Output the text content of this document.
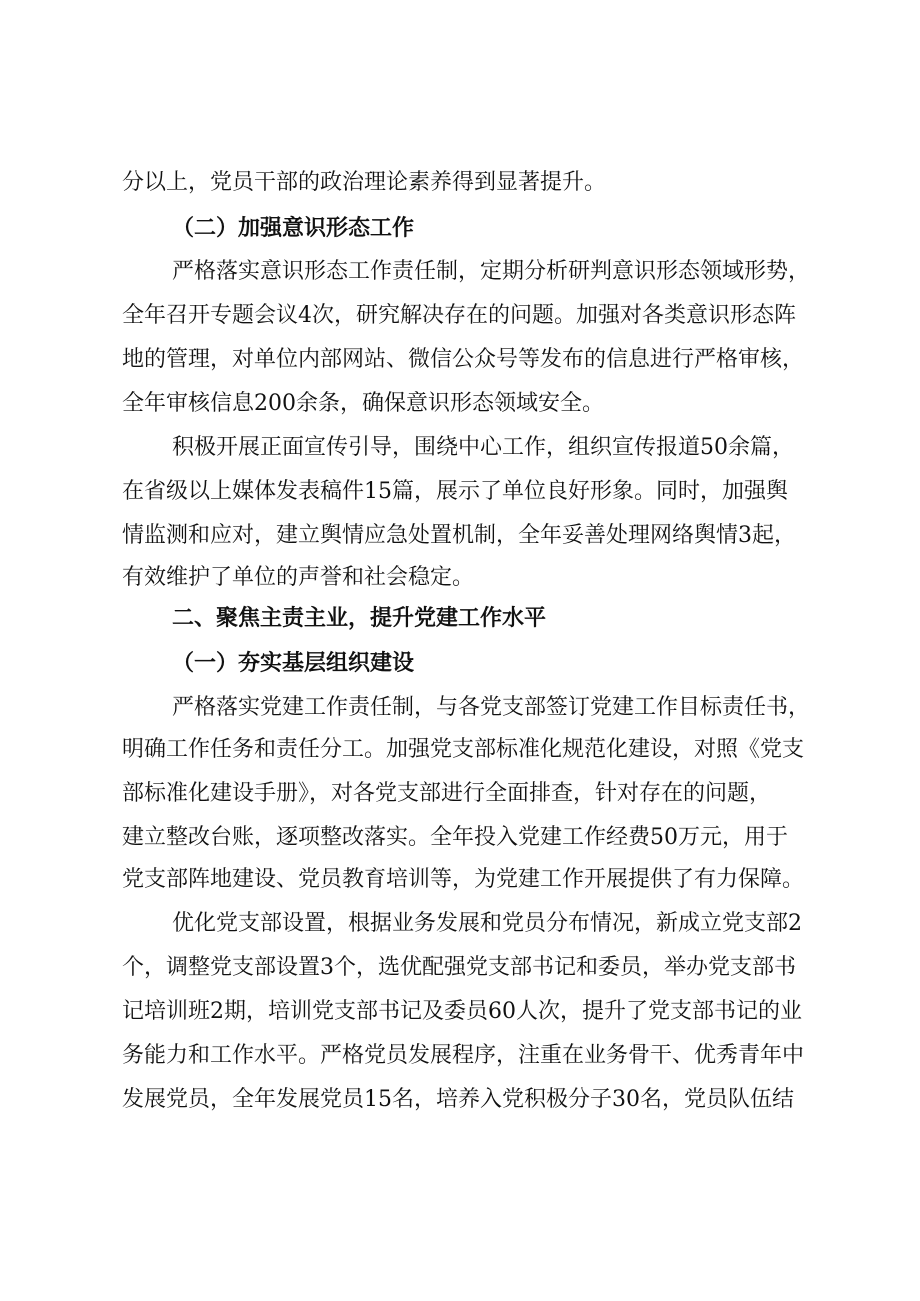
分以上，党员干部的政治理论素养得到显著提升。
（二）加强意识形态工作
严格落实意识形态工作责任制，定期分析研判意识形态领域形势，
全年召开专题会议4次，研究解决存在的问题。加强对各类意识形态阵
地的管理，对单位内部网站、微信公众号等发布的信息进行严格审核，
全年审核信息200余条，确保意识形态领域安全。
积极开展正面宣传引导，围绕中心工作，组织宣传报道50余篇，
在省级以上媒体发表稿件15篇，展示了单位良好形象。同时，加强舆
情监测和应对，建立舆情应急处置机制，全年妥善处理网络舆情3起，
有效维护了单位的声誉和社会稳定。
二、聚焦主责主业，提升党建工作水平
（一）夯实基层组织建设
严格落实党建工作责任制，与各党支部签订党建工作目标责任书，
明确工作任务和责任分工。加强党支部标准化规范化建设，对照《党支
部标准化建设手册》，对各党支部进行全面排查，针对存在的问题，
建立整改台账，逐项整改落实。全年投入党建工作经费50万元，用于
党支部阵地建设、党员教育培训等，为党建工作开展提供了有力保障。
优化党支部设置，根据业务发展和党员分布情况，新成立党支部2
个，调整党支部设置3个，选优配强党支部书记和委员，举办党支部书
记培训班2期，培训党支部书记及委员60人次，提升了党支部书记的业
务能力和工作水平。严格党员发展程序，注重在业务骨干、优秀青年中
发展党员，全年发展党员15名，培养入党积极分子30名，党员队伍结
